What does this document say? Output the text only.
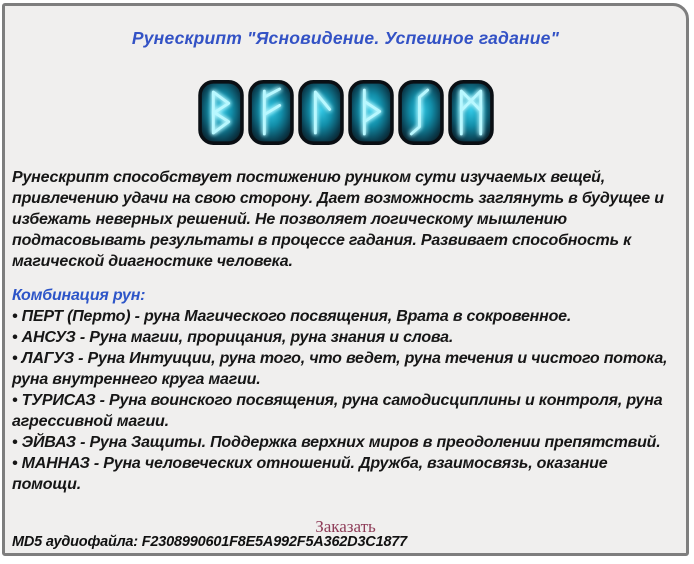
Рунескрипт "Ясновидение. Успешное гадание"

Рунескрипт способствует постижению руником сути изучаемых вещей, привлечению удачи на свою сторону. Дает возможность заглянуть в будущее и избежать неверных решений. Не позволяет логическому мышлению подтасовывать результаты в процессе гадания. Развивает способность к магической диагностике человека.

Комбинация рун:

• ПЕРТ (Перто) - руна Магического посвящения, Врата в сокровенное.
• АНСУЗ - Руна магии, прорицания, руна знания и слова.
• ЛАГУЗ - Руна Интуиции, руна того, что ведет, руна течения и чистого потока, руна внутреннего круга магии.
• ТУРИСАЗ - Руна воинского посвящения, руна самодисциплины и контроля, руна агрессивной магии.
• ЭЙВАЗ - Руна Защиты. Поддержка верхних миров в преодолении препятствий.
• МАННАЗ - Руна человеческих отношений. Дружба, взаимосвязь, оказание помощи.
Заказать
MD5 аудиофайла: F2308990601F8E5A992F5A362D3C1877
